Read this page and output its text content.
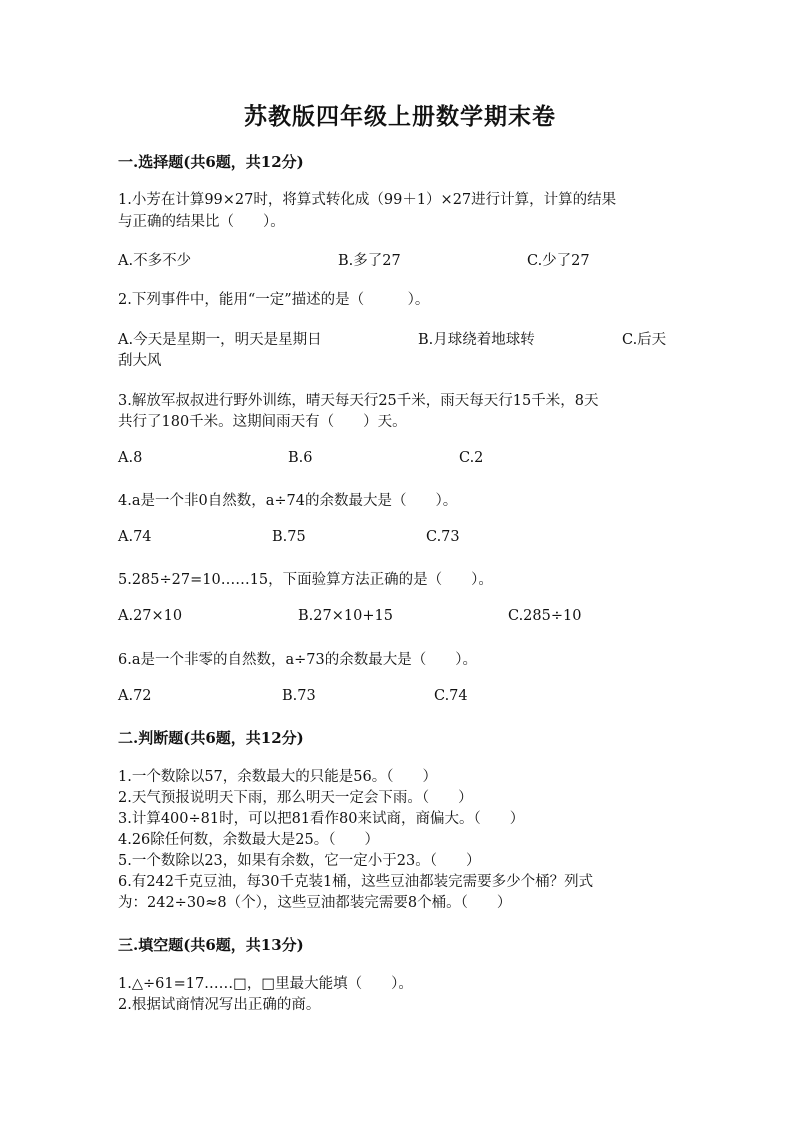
苏教版四年级上册数学期末卷
一.选择题(共6题，共12分)
1.小芳在计算99×27时，将算式转化成（99＋1）×27进行计算，计算的结果
与正确的结果比（　　）。
A.不多不少	B.多了27	C.少了27
2.下列事件中，能用“一定”描述的是（　　　）。
A.今天是星期一，明天是星期日	B.月球绕着地球转	C.后天
刮大风
3.解放军叔叔进行野外训练，晴天每天行25千米，雨天每天行15千米，8天
共行了180千米。这期间雨天有（　　）天。
A.8	B.6	C.2
4.a是一个非0自然数，a÷74的余数最大是（　　）。
A.74	B.75	C.73
5.285÷27=10……15，下面验算方法正确的是（　　）。
A.27×10	B.27×10+15	C.285÷10
6.a是一个非零的自然数，a÷73的余数最大是（　　）。
A.72	B.73	C.74
二.判断题(共6题，共12分)
1.一个数除以57，余数最大的只能是56。（　　）
2.天气预报说明天下雨，那么明天一定会下雨。（　　）
3.计算400÷81时，可以把81看作80来试商，商偏大。（　　）
4.26除任何数，余数最大是25。（　　）
5.一个数除以23，如果有余数，它一定小于23。（　　）
6.有242千克豆油，每30千克装1桶，这些豆油都装完需要多少个桶？列式
为：242÷30≈8（个），这些豆油都装完需要8个桶。（　　）
三.填空题(共6题，共13分)
1.△÷61=17……□，□里最大能填（　　）。
2.根据试商情况写出正确的商。
